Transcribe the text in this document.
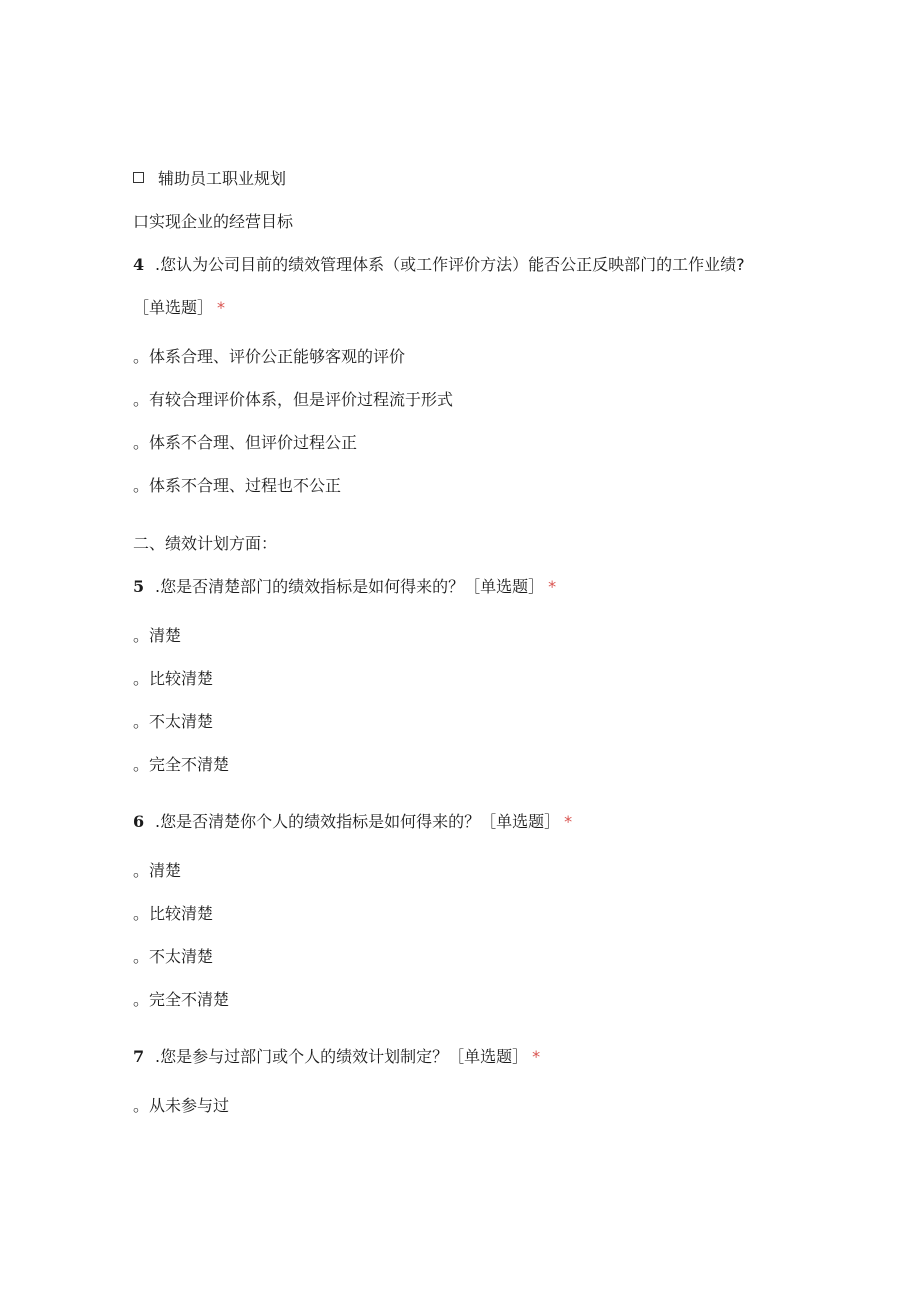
辅助员工职业规划
口实现企业的经营目标
4 .您认为公司目前的绩效管理体系（或工作评价方法）能否公正反映部门的工作业绩?
［单选题］ *
。体系合理、评价公正能够客观的评价
。有较合理评价体系，但是评价过程流于形式
。体系不合理、但评价过程公正
。体系不合理、过程也不公正
二、绩效计划方面：
5 .您是否清楚部门的绩效指标是如何得来的？［单选题］ *
。清楚
。比较清楚
。不太清楚
。完全不清楚
6 .您是否清楚你个人的绩效指标是如何得来的？［单选题］ *
。清楚
。比较清楚
。不太清楚
。完全不清楚
7 .您是参与过部门或个人的绩效计划制定？［单选题］ *
。从未参与过
